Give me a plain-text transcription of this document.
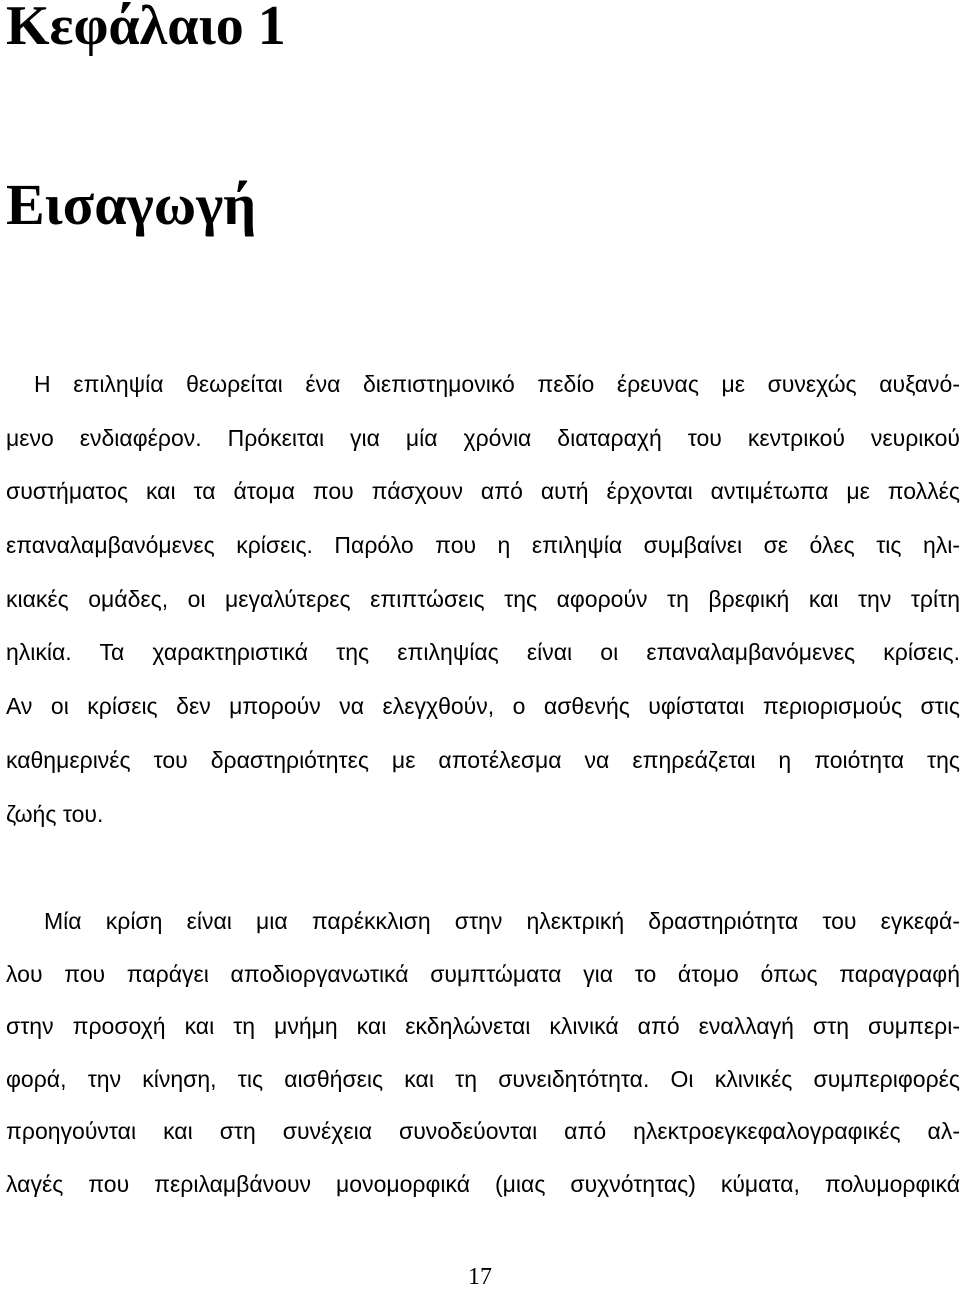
Κεφάλαιο 1
Εισαγωγή
Η επιληψία θεωρείται ένα διεπιστημονικό πεδίο έρευνας με συνεχώς αυξανό-
μενο ενδιαφέρον. Πρόκειται για μία χρόνια διαταραχή του κεντρικού νευρικού
συστήματος και τα άτομα που πάσχουν από αυτή έρχονται αντιμέτωπα με πολλές
επαναλαμβανόμενες κρίσεις. Παρόλο που η επιληψία συμβαίνει σε όλες τις ηλι-
κιακές ομάδες, οι μεγαλύτερες επιπτώσεις της αφορούν τη βρεφική και την τρίτη
ηλικία. Τα χαρακτηριστικά της επιληψίας είναι οι επαναλαμβανόμενες κρίσεις.
Αν οι κρίσεις δεν μπορούν να ελεγχθούν, ο ασθενής υφίσταται περιορισμούς στις
καθημερινές του δραστηριότητες με αποτέλεσμα να επηρεάζεται η ποιότητα της
ζωής του.
Μία κρίση είναι μια παρέκκλιση στην ηλεκτρική δραστηριότητα του εγκεφά-
λου που παράγει αποδιοργανωτικά συμπτώματα για το άτομο όπως παραγραφή
στην προσοχή και τη μνήμη και εκδηλώνεται κλινικά από εναλλαγή στη συμπερι-
φορά, την κίνηση, τις αισθήσεις και τη συνειδητότητα. Οι κλινικές συμπεριφορές
προηγούνται και στη συνέχεια συνοδεύονται από ηλεκτροεγκεφαλογραφικές αλ-
λαγές που περιλαμβάνουν μονομορφικά (μιας συχνότητας) κύματα, πολυμορφικά
17
